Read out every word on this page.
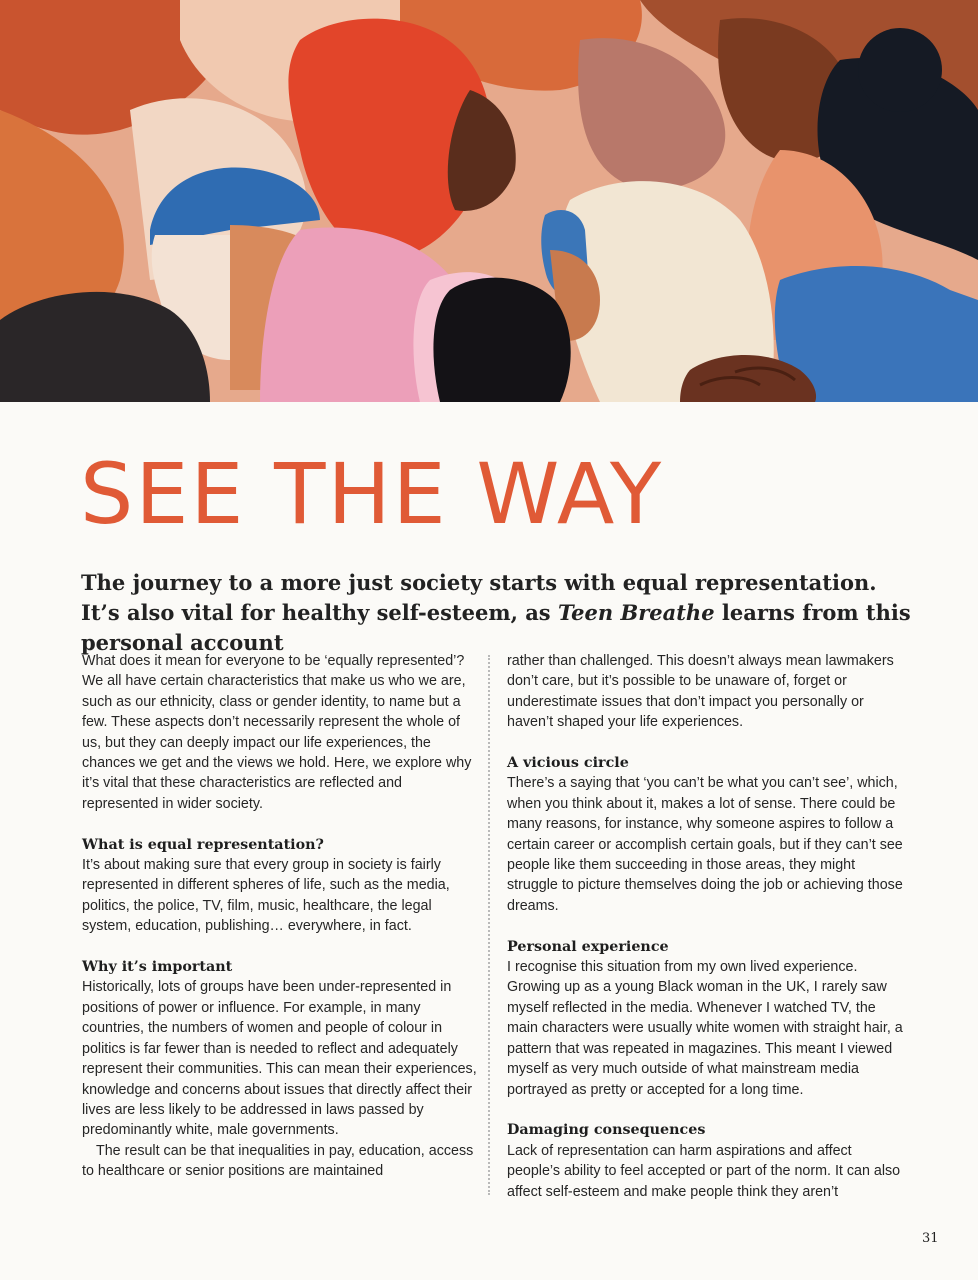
SEE THE WAY

The journey to a more just society starts with equal representation. It’s also vital for healthy self-esteem, as Teen Breathe learns from this personal account

What does it mean for everyone to be ‘equally represented’? We all have certain characteristics that make us who we are, such as our ethnicity, class or gender identity, to name but a few. These aspects don’t necessarily represent the whole of us, but they can deeply impact our life experiences, the chances we get and the views we hold. Here, we explore why it’s vital that these characteristics are reflected and represented in wider society.

What is equal representation?

It’s about making sure that every group in society is fairly represented in different spheres of life, such as the media, politics, the police, TV, film, music, healthcare, the legal system, education, publishing… everywhere, in fact.

Why it’s important

Historically, lots of groups have been under-represented in positions of power or influence. For example, in many countries, the numbers of women and people of colour in politics is far fewer than is needed to reflect and adequately represent their communities. This can mean their experiences, knowledge and concerns about issues that directly affect their lives are less likely to be addressed in laws passed by predominantly white, male governments.

The result can be that inequalities in pay, education, access to healthcare or senior positions are maintained

rather than challenged. This doesn’t always mean lawmakers don’t care, but it’s possible to be unaware of, forget or underestimate issues that don’t impact you personally or haven’t shaped your life experiences.

A vicious circle

There’s a saying that ‘you can’t be what you can’t see’, which, when you think about it, makes a lot of sense. There could be many reasons, for instance, why someone aspires to follow a certain career or accomplish certain goals, but if they can’t see people like them succeeding in those areas, they might struggle to picture themselves doing the job or achieving those dreams.

Personal experience

I recognise this situation from my own lived experience. Growing up as a young Black woman in the UK, I rarely saw myself reflected in the media. Whenever I watched TV, the main characters were usually white women with straight hair, a pattern that was repeated in magazines. This meant I viewed myself as very much outside of what mainstream media portrayed as pretty or accepted for a long time.

Damaging consequences

Lack of representation can harm aspirations and affect people’s ability to feel accepted or part of the norm. It can also affect self-esteem and make people think they aren’t

31
